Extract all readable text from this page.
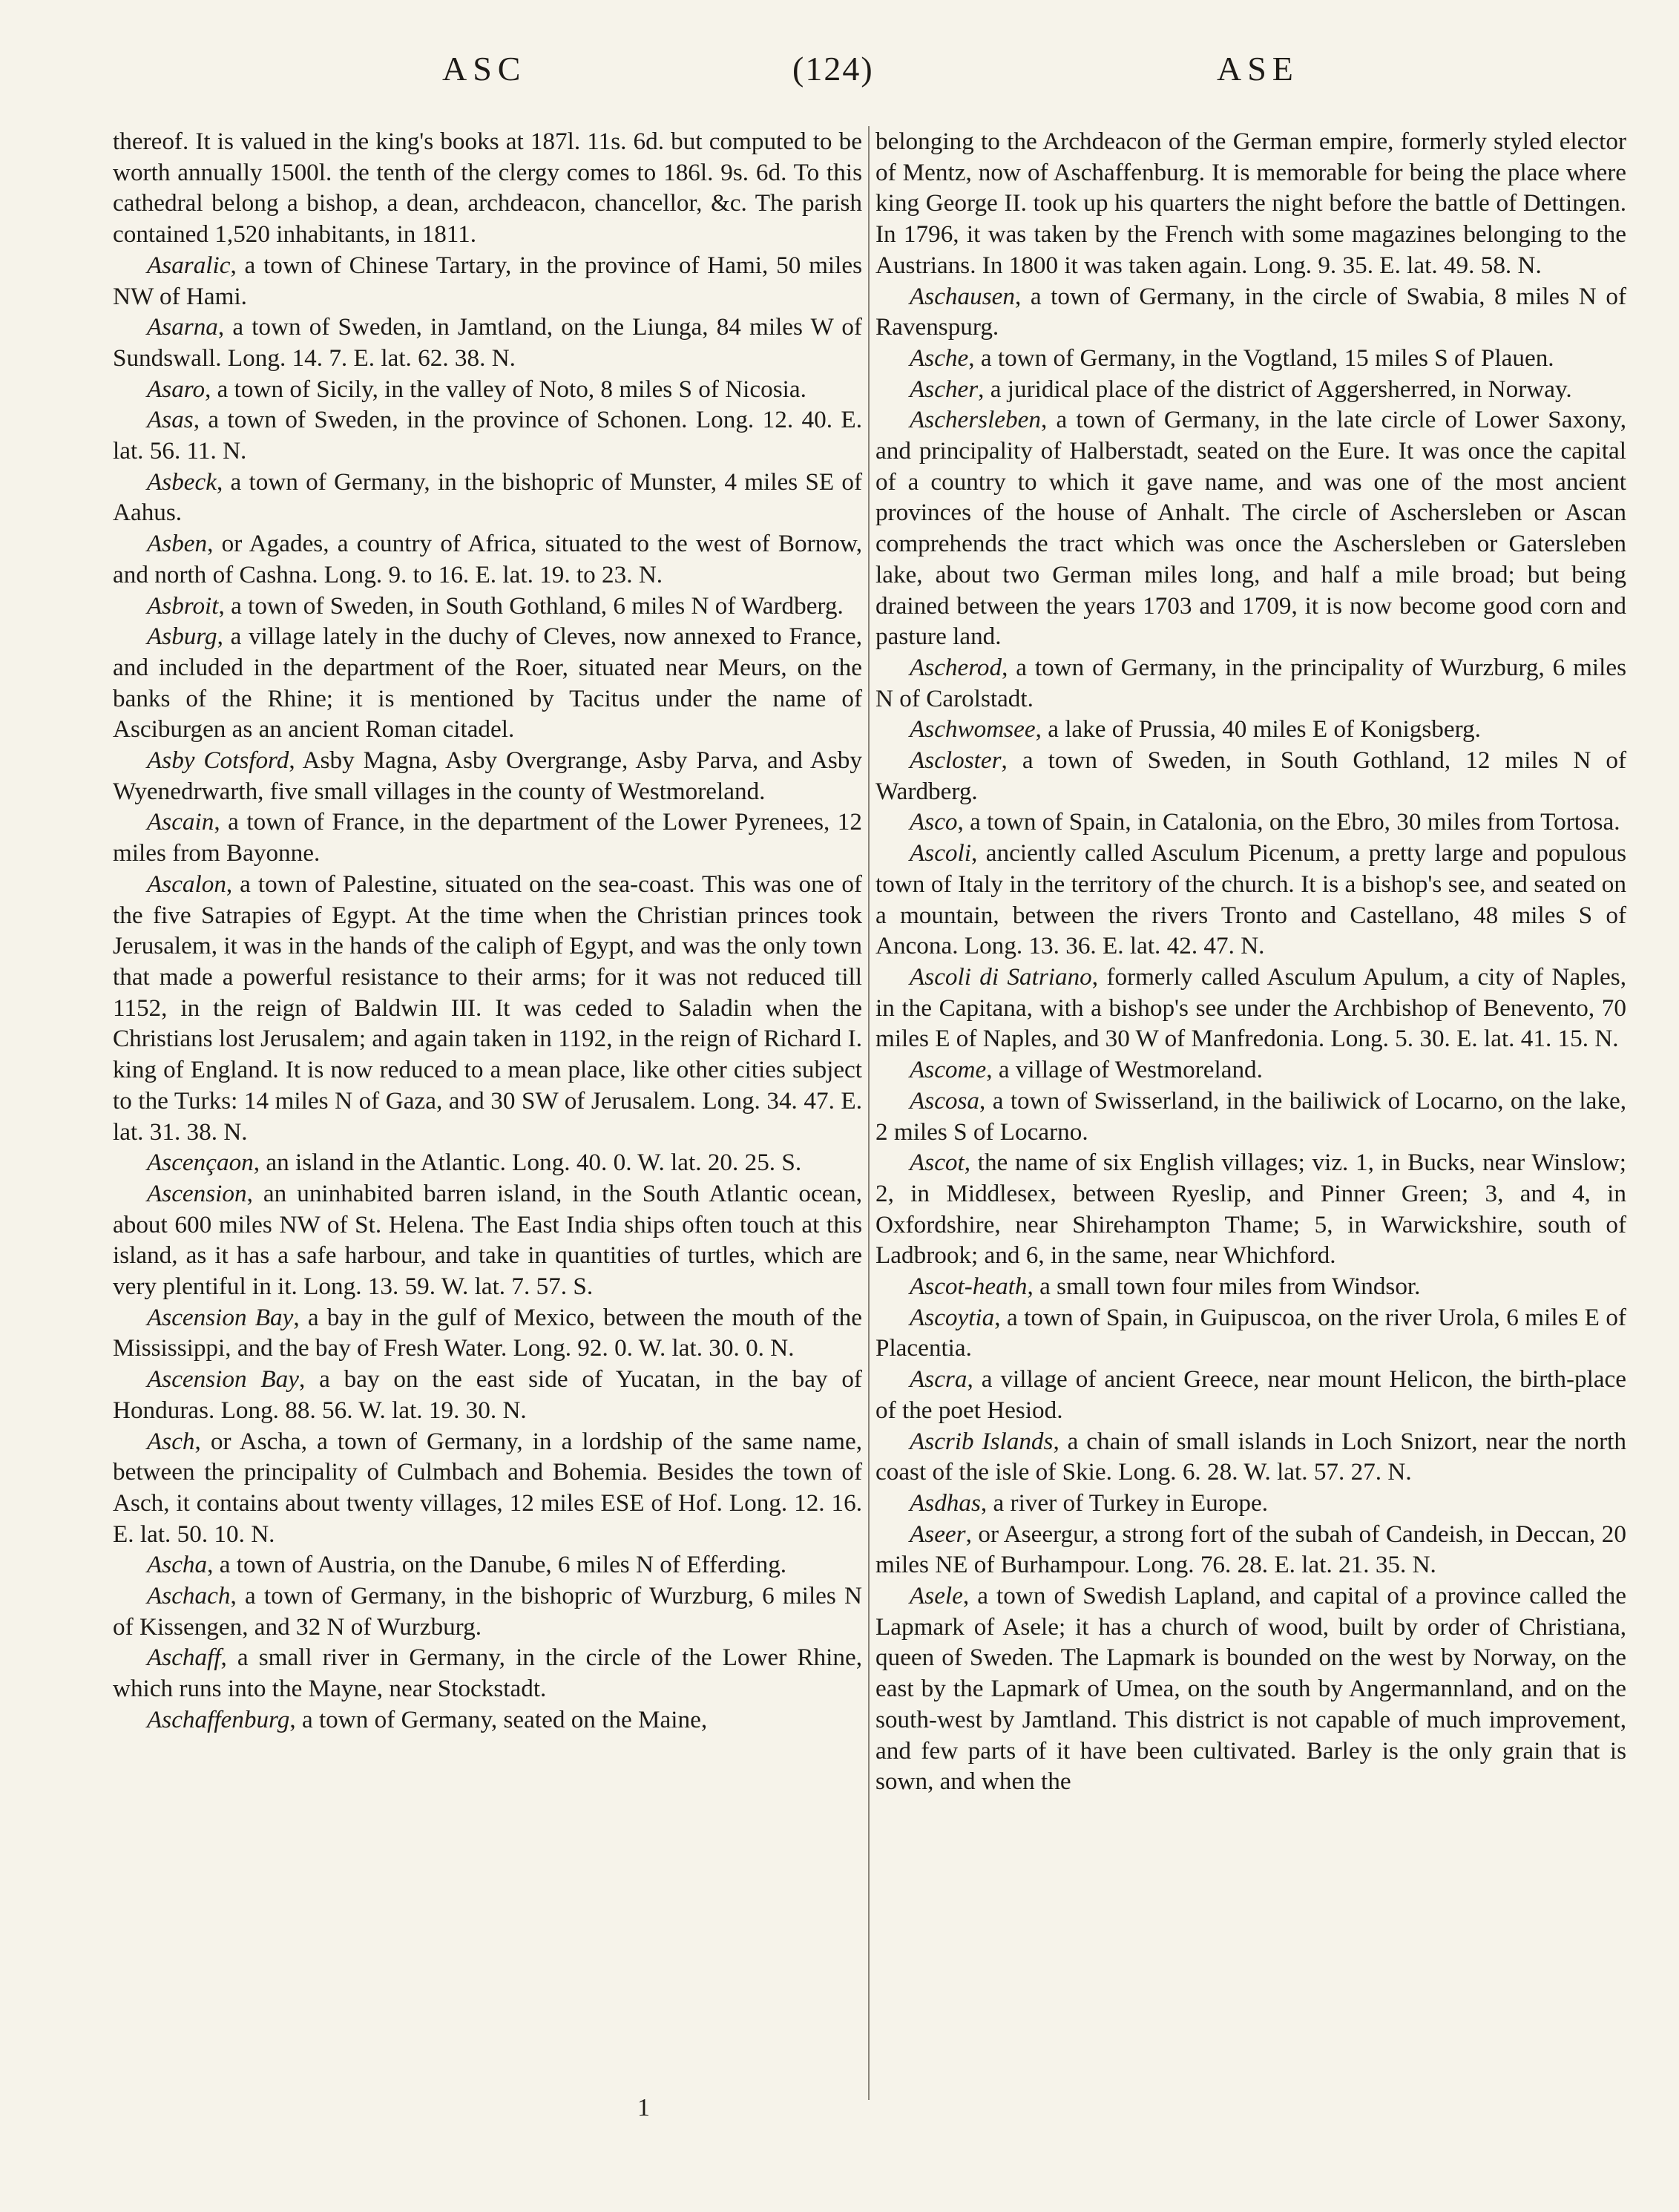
ASC	(124)	ASE

thereof. It is valued in the king's books at 187l. 11s. 6d. but computed to be worth annually 1500l. the tenth of the clergy comes to 186l. 9s. 6d. To this cathedral belong a bishop, a dean, archdeacon, chancellor, &c. The parish contained 1,520 inhabitants, in 1811.

Asaralic, a town of Chinese Tartary, in the province of Hami, 50 miles NW of Hami.

Asarna, a town of Sweden, in Jamtland, on the Liunga, 84 miles W of Sundswall. Long. 14. 7. E. lat. 62. 38. N.

Asaro, a town of Sicily, in the valley of Noto, 8 miles S of Nicosia.

Asas, a town of Sweden, in the province of Schonen. Long. 12. 40. E. lat. 56. 11. N.

Asbeck, a town of Germany, in the bishopric of Munster, 4 miles SE of Aahus.

Asben, or Agades, a country of Africa, situated to the west of Bornow, and north of Cashna. Long. 9. to 16. E. lat. 19. to 23. N.

Asbroit, a town of Sweden, in South Gothland, 6 miles N of Wardberg.

Asburg, a village lately in the duchy of Cleves, now annexed to France, and included in the department of the Roer, situated near Meurs, on the banks of the Rhine; it is mentioned by Tacitus under the name of Asciburgen as an ancient Roman citadel.

Asby Cotsford, Asby Magna, Asby Overgrange, Asby Parva, and Asby Wyenedrwarth, five small villages in the county of Westmoreland.

Ascain, a town of France, in the department of the Lower Pyrenees, 12 miles from Bayonne.

Ascalon, a town of Palestine, situated on the sea-coast. This was one of the five Satrapies of Egypt. At the time when the Christian princes took Jerusalem, it was in the hands of the caliph of Egypt, and was the only town that made a powerful resistance to their arms; for it was not reduced till 1152, in the reign of Baldwin III. It was ceded to Saladin when the Christians lost Jerusalem; and again taken in 1192, in the reign of Richard I. king of England. It is now reduced to a mean place, like other cities subject to the Turks: 14 miles N of Gaza, and 30 SW of Jerusalem. Long. 34. 47. E. lat. 31. 38. N.

Ascençaon, an island in the Atlantic. Long. 40. 0. W. lat. 20. 25. S.

Ascension, an uninhabited barren island, in the South Atlantic ocean, about 600 miles NW of St. Helena. The East India ships often touch at this island, as it has a safe harbour, and take in quantities of turtles, which are very plentiful in it. Long. 13. 59. W. lat. 7. 57. S.

Ascension Bay, a bay in the gulf of Mexico, between the mouth of the Mississippi, and the bay of Fresh Water. Long. 92. 0. W. lat. 30. 0. N.

Ascension Bay, a bay on the east side of Yucatan, in the bay of Honduras. Long. 88. 56. W. lat. 19. 30. N.

Asch, or Ascha, a town of Germany, in a lordship of the same name, between the principality of Culmbach and Bohemia. Besides the town of Asch, it contains about twenty villages, 12 miles ESE of Hof. Long. 12. 16. E. lat. 50. 10. N.

Ascha, a town of Austria, on the Danube, 6 miles N of Efferding.

Aschach, a town of Germany, in the bishopric of Wurzburg, 6 miles N of Kissengen, and 32 N of Wurzburg.

Aschaff, a small river in Germany, in the circle of the Lower Rhine, which runs into the Mayne, near Stockstadt.

Aschaffenburg, a town of Germany, seated on the Maine,

belonging to the Archdeacon of the German empire, formerly styled elector of Mentz, now of Aschaffenburg. It is memorable for being the place where king George II. took up his quarters the night before the battle of Dettingen. In 1796, it was taken by the French with some magazines belonging to the Austrians. In 1800 it was taken again. Long. 9. 35. E. lat. 49. 58. N.

Aschausen, a town of Germany, in the circle of Swabia, 8 miles N of Ravenspurg.

Asche, a town of Germany, in the Vogtland, 15 miles S of Plauen.

Ascher, a juridical place of the district of Aggersherred, in Norway.

Aschersleben, a town of Germany, in the late circle of Lower Saxony, and principality of Halberstadt, seated on the Eure. It was once the capital of a country to which it gave name, and was one of the most ancient provinces of the house of Anhalt. The circle of Aschersleben or Ascan comprehends the tract which was once the Aschersleben or Gatersleben lake, about two German miles long, and half a mile broad; but being drained between the years 1703 and 1709, it is now become good corn and pasture land.

Ascherod, a town of Germany, in the principality of Wurzburg, 6 miles N of Carolstadt.

Aschwomsee, a lake of Prussia, 40 miles E of Konigsberg.

Ascloster, a town of Sweden, in South Gothland, 12 miles N of Wardberg.

Asco, a town of Spain, in Catalonia, on the Ebro, 30 miles from Tortosa.

Ascoli, anciently called Asculum Picenum, a pretty large and populous town of Italy in the territory of the church. It is a bishop's see, and seated on a mountain, between the rivers Tronto and Castellano, 48 miles S of Ancona. Long. 13. 36. E. lat. 42. 47. N.

Ascoli di Satriano, formerly called Asculum Apulum, a city of Naples, in the Capitana, with a bishop's see under the Archbishop of Benevento, 70 miles E of Naples, and 30 W of Manfredonia. Long. 5. 30. E. lat. 41. 15. N.

Ascome, a village of Westmoreland.

Ascosa, a town of Swisserland, in the bailiwick of Locarno, on the lake, 2 miles S of Locarno.

Ascot, the name of six English villages; viz. 1, in Bucks, near Winslow; 2, in Middlesex, between Ryeslip, and Pinner Green; 3, and 4, in Oxfordshire, near Shirehampton Thame; 5, in Warwickshire, south of Ladbrook; and 6, in the same, near Whichford.

Ascot-heath, a small town four miles from Windsor.

Ascoytia, a town of Spain, in Guipuscoa, on the river Urola, 6 miles E of Placentia.

Ascra, a village of ancient Greece, near mount Helicon, the birth-place of the poet Hesiod.

Ascrib Islands, a chain of small islands in Loch Snizort, near the north coast of the isle of Skie. Long. 6. 28. W. lat. 57. 27. N.

Asdhas, a river of Turkey in Europe.

Aseer, or Aseergur, a strong fort of the subah of Candeish, in Deccan, 20 miles NE of Burhampour. Long. 76. 28. E. lat. 21. 35. N.

Asele, a town of Swedish Lapland, and capital of a province called the Lapmark of Asele; it has a church of wood, built by order of Christiana, queen of Sweden. The Lapmark is bounded on the west by Norway, on the east by the Lapmark of Umea, on the south by Angermannland, and on the south-west by Jamtland. This district is not capable of much improvement, and few parts of it have been cultivated. Barley is the only grain that is sown, and when the

1
